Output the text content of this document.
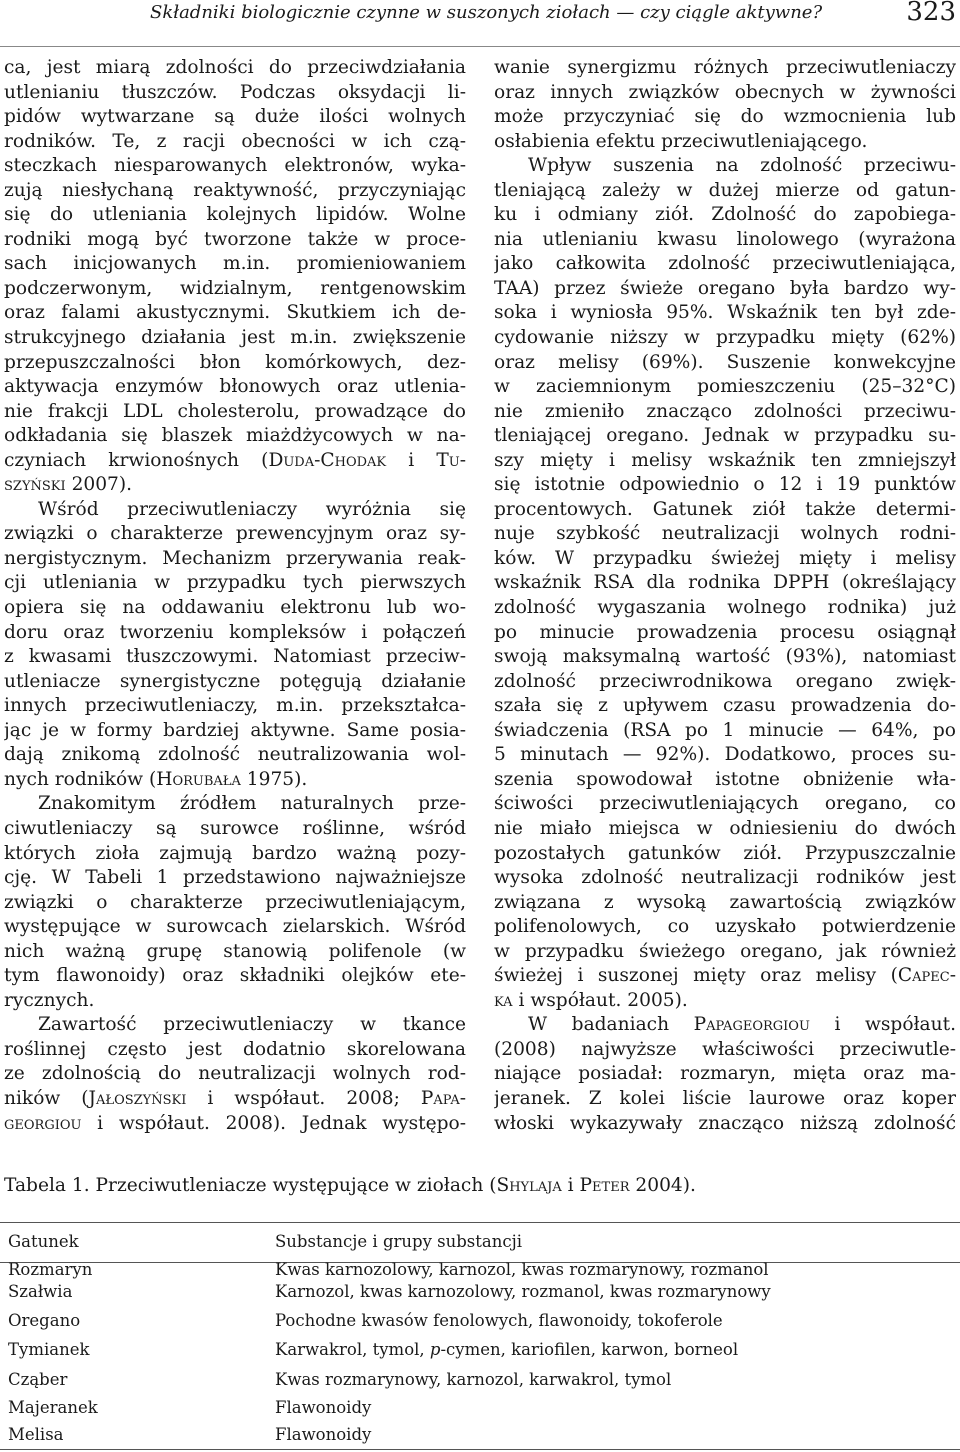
Składniki biologicznie czynne w suszonych ziołach — czy ciągle aktywne?	323
ca, jest miarą zdolności do przeciwdziałania
utlenianiu tłuszczów. Podczas oksydacji li-
pidów wytwarzane są duże ilości wolnych
rodników. Te, z racji obecności w ich czą-
steczkach niesparowanych elektronów, wyka-
zują niesłychaną reaktywność, przyczyniając
się do utleniania kolejnych lipidów. Wolne
rodniki mogą być tworzone także w proce-
sach inicjowanych m.in. promieniowaniem
podczerwonym, widzialnym, rentgenowskim
oraz falami akustycznymi. Skutkiem ich de-
strukcyjnego działania jest m.in. zwiększenie
przepuszczalności błon komórkowych, dez-
aktywacja enzymów błonowych oraz utlenia-
nie frakcji LDL cholesterolu, prowadzące do
odkładania się blaszek miażdżycowych w na-
czyniach krwionośnych (Duda-Chodak i Tu-
szyński 2007).
Wśród przeciwutleniaczy wyróżnia się
związki o charakterze prewencyjnym oraz sy-
nergistycznym. Mechanizm przerywania reak-
cji utleniania w przypadku tych pierwszych
opiera się na oddawaniu elektronu lub wo-
doru oraz tworzeniu kompleksów i połączeń
z kwasami tłuszczowymi. Natomiast przeciw-
utleniacze synergistyczne potęgują działanie
innych przeciwutleniaczy, m.in. przekształca-
jąc je w formy bardziej aktywne. Same posia-
dają znikomą zdolność neutralizowania wol-
nych rodników (Horubała 1975).
Znakomitym źródłem naturalnych prze-
ciwutleniaczy są surowce roślinne, wśród
których zioła zajmują bardzo ważną pozy-
cję. W Tabeli 1 przedstawiono najważniejsze
związki o charakterze przeciwutleniającym,
występujące w surowcach zielarskich. Wśród
nich ważną grupę stanowią polifenole (w
tym flawonoidy) oraz składniki olejków ete-
rycznych.
Zawartość przeciwutleniaczy w tkance
roślinnej często jest dodatnio skorelowana
ze zdolnością do neutralizacji wolnych rod-
ników (Jałoszyński i współaut. 2008; Papa-
georgiou i współaut. 2008). Jednak występo-
wanie synergizmu różnych przeciwutleniaczy
oraz innych związków obecnych w żywności
może przyczyniać się do wzmocnienia lub
osłabienia efektu przeciwutleniającego.
Wpływ suszenia na zdolność przeciwu-
tleniającą zależy w dużej mierze od gatun-
ku i odmiany ziół. Zdolność do zapobiega-
nia utlenianiu kwasu linolowego (wyrażona
jako całkowita zdolność przeciwutleniająca,
TAA) przez świeże oregano była bardzo wy-
soka i wyniosła 95%. Wskaźnik ten był zde-
cydowanie niższy w przypadku mięty (62%)
oraz melisy (69%). Suszenie konwekcyjne
w zaciemnionym pomieszczeniu (25–32°C)
nie zmieniło znacząco zdolności przeciwu-
tleniającej oregano. Jednak w przypadku su-
szy mięty i melisy wskaźnik ten zmniejszył
się istotnie odpowiednio o 12 i 19 punktów
procentowych. Gatunek ziół także determi-
nuje szybkość neutralizacji wolnych rodni-
ków. W przypadku świeżej mięty i melisy
wskaźnik RSA dla rodnika DPPH (określający
zdolność wygaszania wolnego rodnika) już
po minucie prowadzenia procesu osiągnął
swoją maksymalną wartość (93%), natomiast
zdolność przeciwrodnikowa oregano zwięk-
szała się z upływem czasu prowadzenia do-
świadczenia (RSA po 1 minucie — 64%, po
5 minutach — 92%). Dodatkowo, proces su-
szenia spowodował istotne obniżenie wła-
ściwości przeciwutleniających oregano, co
nie miało miejsca w odniesieniu do dwóch
pozostałych gatunków ziół. Przypuszczalnie
wysoka zdolność neutralizacji rodników jest
związana z wysoką zawartością związków
polifenolowych, co uzyskało potwierdzenie
w przypadku świeżego oregano, jak również
świeżej i suszonej mięty oraz melisy (Capec-
ka i współaut. 2005).
W badaniach Papageorgiou i współaut.
(2008) najwyższe właściwości przeciwutle-
niające posiadał: rozmaryn, mięta oraz ma-
jeranek. Z kolei liście laurowe oraz koper
włoski wykazywały znacząco niższą zdolność
Tabela 1. Przeciwutleniacze występujące w ziołach (Shylaja i Peter 2004).
Gatunek	Substancje i grupy substancji
Rozmaryn	Kwas karnozolowy, karnozol, kwas rozmarynowy, rozmanol
Szałwia	Karnozol, kwas karnozolowy, rozmanol, kwas rozmarynowy
Oregano	Pochodne kwasów fenolowych, flawonoidy, tokoferole
Tymianek	Karwakrol, tymol, p-cymen, kariofilen, karwon, borneol
Cząber	Kwas rozmarynowy, karnozol, karwakrol, tymol
Majeranek	Flawonoidy
Melisa	Flawonoidy
